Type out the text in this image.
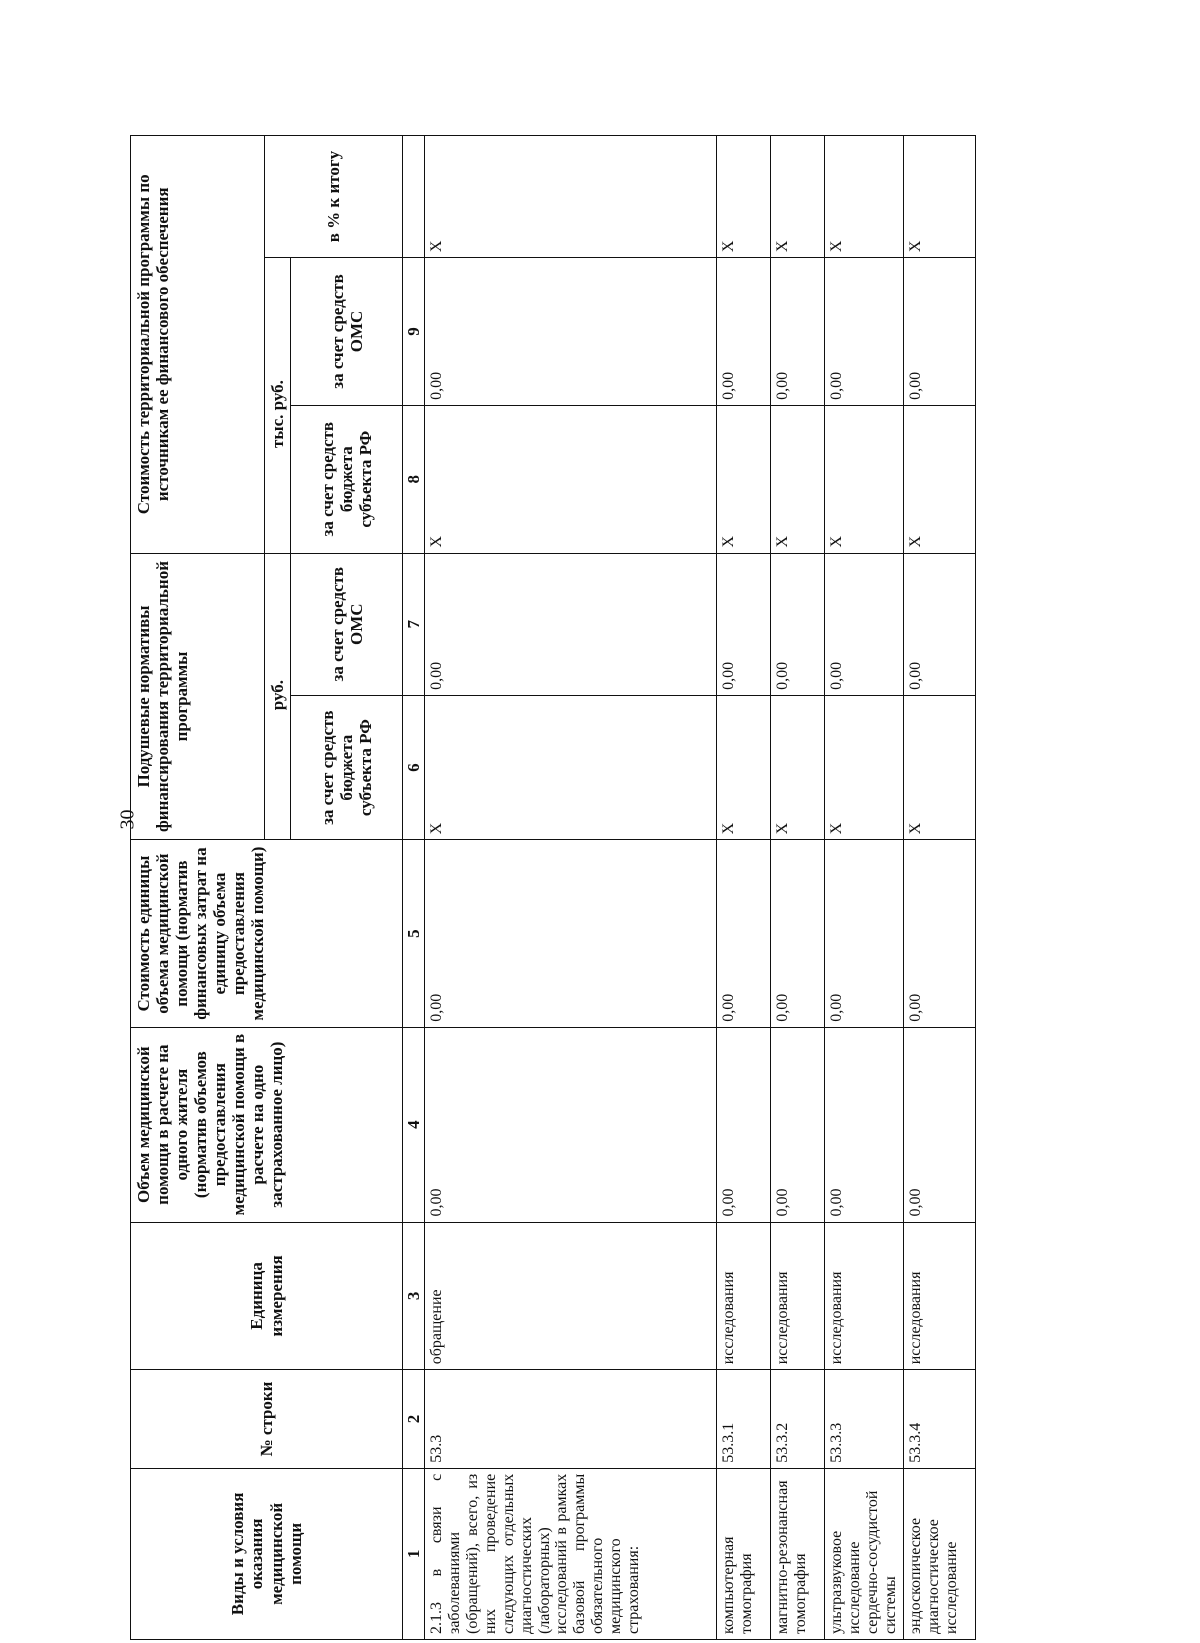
30
Виды и условия оказания медицинской помощи	№ строки	Единица измерения	Объем медицинской помощи в расчете на одного жителя (норматив объемов предоставления медицинской помощи в расчете на одно застрахованное лицо)	Стоимость единицы объема медицинской помощи (норматив финансовых затрат на единицу объема предоставления медицинской помощи)	Подушевые нормативы финансирования территориальной программы		Стоимость территориальной программы по источникам ее финансового обеспечения		
					руб.		тыс. руб.		в % к итогу
					за счет средств бюджета субъекта РФ	за счет средств ОМС	за счет средств бюджета субъекта РФ	за счет средств ОМС	
1	2	3	4	5	6	7	8	9	
2.1.3 в связи с заболеваниями (обращений), всего, из них проведение следующих отдельных диагностических (лабораторных) исследований в рамках базовой программы обязательного медицинского страхования:	53.3	обращение	0,00	0,00	X	0,00	X	0,00	X
компьютерная томография	53.3.1	исследования	0,00	0,00	X	0,00	X	0,00	X
магнитно-резонансная томография	53.3.2	исследования	0,00	0,00	X	0,00	X	0,00	X
ультразвуковое исследование сердечно-сосудистой системы	53.3.3	исследования	0,00	0,00	X	0,00	X	0,00	X
эндоскопическое диагностическое исследование	53.3.4	исследования	0,00	0,00	X	0,00	X	0,00	X
